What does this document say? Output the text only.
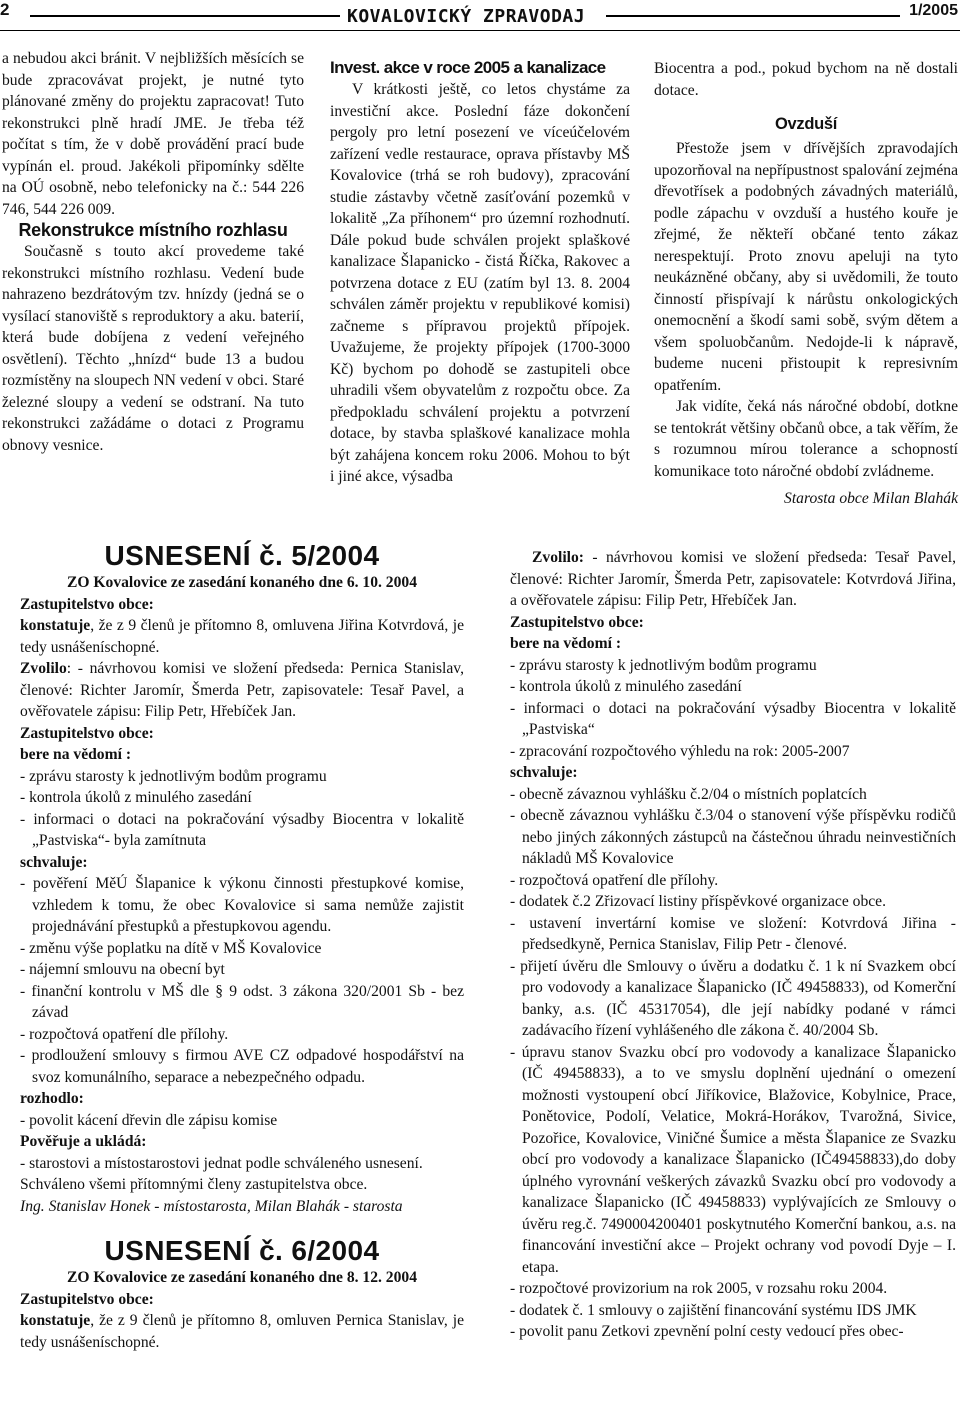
2	KOVALOVICKÝ ZPRAVODAJ	1/2005

a nebudou akci bránit. V nejbližších měsících se bude zpracovávat projekt, je nutné tyto plánované změny do projektu zapracovat! Tuto rekonstrukci plně hradí JME. Je třeba též počítat s tím, že v době provádění prací bude vypínán el. proud. Jakékoli připomínky sdělte na OÚ osobně, nebo telefonicky na č.: 544 226 746, 544 226 009.

Rekonstrukce místního rozhlasu

Současně s touto akcí provedeme také rekonstrukci místního rozhlasu. Vedení bude nahrazeno bezdrátovým tzv. hnízdy (jedná se o vysílací stanoviště s reproduktory a aku. baterií, která bude dobíjena z vedení veřejného osvětlení). Těchto „hnízd“ bude 13 a budou rozmístěny na sloupech NN vedení v obci. Staré železné sloupy a vedení se odstraní. Na tuto rekonstrukci zažádáme o dotaci z Programu obnovy vesnice.

Invest. akce v roce 2005 a kanalizace

V krátkosti ještě, co letos chystáme za investiční akce. Poslední fáze dokončení pergoly pro letní posezení ve víceúčelovém zařízení vedle restaurace, oprava přístavby MŠ Kovalovice (trhá se roh budovy), zpracování studie zástavby včetně zasíťování pozemků v lokalitě „Za příhonem“ pro územní rozhodnutí. Dále pokud bude schválen projekt splaškové kanalizace Šlapanicko - čistá Říčka, Rakovec a potvrzena dotace z EU (zatím byl 13. 8. 2004 schválen záměr projektu v republikové komisi) začneme s přípravou projektů přípojek. Uvažujeme, že projekty přípojek (1700-3000 Kč) bychom po dohodě se zastupiteli obce uhradili všem obyvatelům z rozpočtu obce. Za předpokladu schválení projektu a potvrzení dotace, by stavba splaškové kanalizace mohla být zahájena koncem roku 2006. Mohou to být i jiné akce, výsadba

Biocentra a pod., pokud bychom na ně dostali dotace.

Ovzduší

Přestože jsem v dřívějších zpravodajích upozorňoval na nepřípustnost spalování zejména dřevotřísek a podobných závadných materiálů, podle zápachu v ovzduší a hustého kouře je zřejmé, že někteří občané tento zákaz nerespektují. Proto znovu apeluji na tyto neukázněné občany, aby si uvědomili, že touto činností přispívají k nárůstu onkologických onemocnění a škodí sami sobě, svým dětem a všem spoluobčanům. Nedojde-li k nápravě, budeme nuceni přistoupit k represivním opatřením.

Jak vidíte, čeká nás náročné období, dotkne se tentokrát většiny občanů obce, a tak věřím, že s rozumnou mírou tolerance a schopností komunikace toto náročné období zvládneme.

Starosta obce Milan Blahák

USNESENÍ č. 5/2004

ZO Kovalovice ze zasedání konaného dne 6. 10. 2004

Zastupitelstvo obce:

konstatuje, že z 9 členů je přítomno 8, omluvena Jiřina Kotvrdová, je tedy usnášeníschopné.

Zvolilo: - návrhovou komisi ve složení předseda: Pernica Stanislav, členové: Richter Jaromír, Šmerda Petr, zapisovatele: Tesař Pavel, a ověřovatele zápisu: Filip Petr, Hřebíček Jan.

Zastupitelstvo obce:

bere na vědomí :

- zprávu starosty k jednotlivým bodům programu

- kontrola úkolů z minulého zasedání

- informaci o dotaci na pokračování výsadby Biocentra v lokalitě „Pastviska“- byla zamítnuta

schvaluje:

- pověření MěÚ Šlapanice k výkonu činnosti přestupkové komise, vzhledem k tomu, že obec Kovalovice si sama nemůže zajistit projednávání přestupků a přestupkovou agendu.

- změnu výše poplatku na dítě v MŠ Kovalovice

- nájemní smlouvu na obecní byt

- finanční kontrolu v MŠ dle § 9 odst. 3 zákona 320/2001 Sb - bez závad

- rozpočtová opatření dle přílohy.

- prodloužení smlouvy s firmou AVE CZ odpadové hospodářství na svoz komunálního, separace a nebezpečného odpadu.

rozhodlo:

- povolit kácení dřevin dle zápisu komise

Pověřuje a ukládá:

- starostovi a místostarostovi jednat podle schváleného usnesení.

Schváleno všemi přítomnými členy zastupitelstva obce.

Ing. Stanislav Honek - místostarosta, Milan Blahák - starosta

USNESENÍ č. 6/2004

ZO Kovalovice ze zasedání konaného dne 8. 12. 2004

Zastupitelstvo obce:

konstatuje, že z 9 členů je přítomno 8, omluven Pernica Stanislav, je tedy usnášeníschopné.

Zvolilo: - návrhovou komisi ve složení předseda: Tesař Pavel, členové: Richter Jaromír, Šmerda Petr, zapisovatele: Kotvrdová Jiřina, a ověřovatele zápisu: Filip Petr, Hřebíček Jan.

Zastupitelstvo obce:

bere na vědomí :

- zprávu starosty k jednotlivým bodům programu

- kontrola úkolů z minulého zasedání

- informaci o dotaci na pokračování výsadby Biocentra v lokalitě „Pastviska“

- zpracování rozpočtového výhledu na rok: 2005-2007

schvaluje:

- obecně závaznou vyhlášku č.2/04 o místních poplatcích

- obecně závaznou vyhlášku č.3/04 o stanovení výše příspěvku rodičů nebo jiných zákonných zástupců na částečnou úhradu neinvestičních nákladů MŠ Kovalovice

- rozpočtová opatření dle přílohy.

- dodatek č.2 Zřizovací listiny příspěvkové organizace obce.

- ustavení invertární komise ve složení: Kotvrdová Jiřina - předsedkyně, Pernica Stanislav, Filip Petr - členové.

- přijetí úvěru dle Smlouvy o úvěru a dodatku č. 1 k ní Svazkem obcí pro vodovody a kanalizace Šlapanicko (IČ 49458833), od Komerční banky, a.s. (IČ 45317054), dle její nabídky podané v rámci zadávacího řízení vyhlášeného dle zákona č. 40/2004 Sb.

- úpravu stanov Svazku obcí pro vodovody a kanalizace Šlapanicko (IČ 49458833), a to ve smyslu doplnění ujednání o omezení možnosti vystoupení obcí Jiříkovice, Blažovice, Kobylnice, Prace, Ponětovice, Podolí, Velatice, Mokrá-Horákov, Tvarožná, Sivice, Pozořice, Kovalovice, Viničné Šumice a města Šlapanice ze Svazku obcí pro vodovody a kanalizace Šlapanicko (IČ49458833),do doby úplného vyrovnání veškerých závazků Svazku obcí pro vodovody a kanalizace Šlapanicko (IČ 49458833) vyplývajících ze Smlouvy o úvěru reg.č. 7490004200401 poskytnutého Komerční bankou, a.s. na financování investiční akce – Projekt ochrany vod povodí Dyje – I. etapa.

- rozpočtové provizorium na rok 2005, v rozsahu roku 2004.

- dodatek č. 1 smlouvy o zajištění financování systému IDS JMK

- povolit panu Zetkovi zpevnění polní cesty vedoucí přes obec-
